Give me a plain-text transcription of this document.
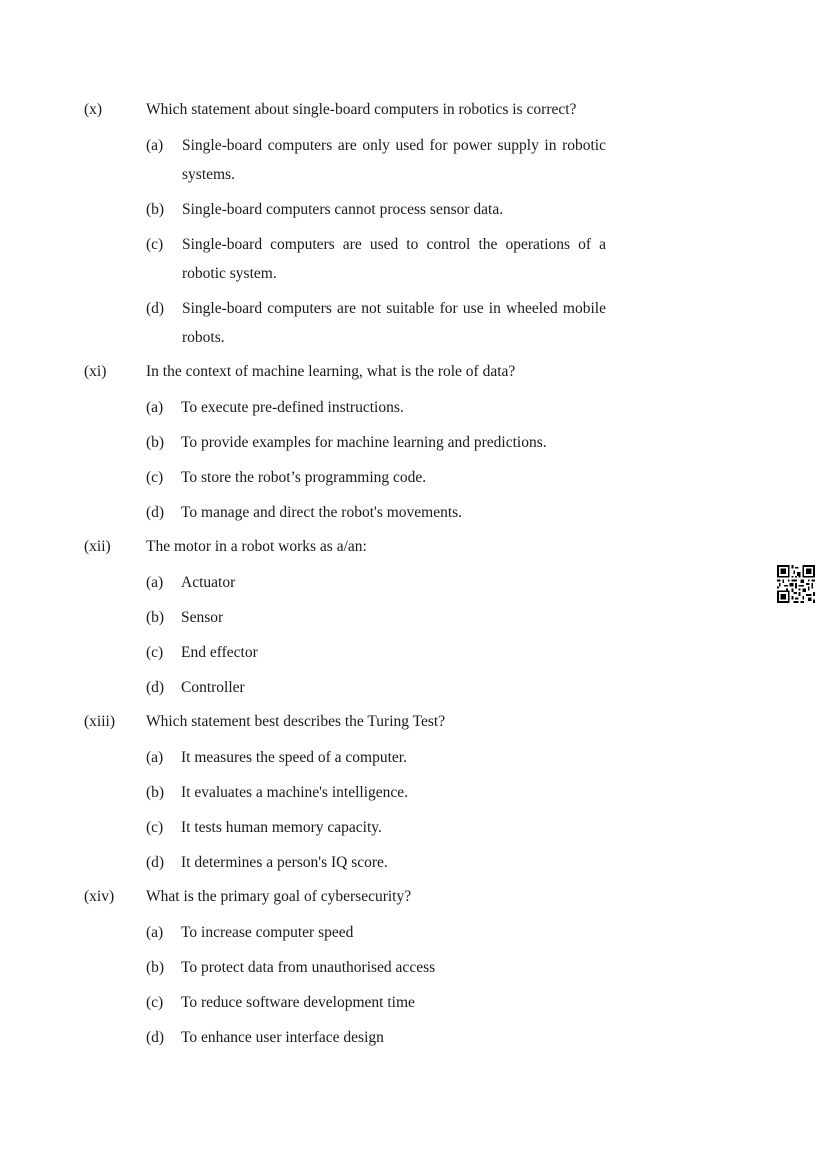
(x)	Which statement about single-board computers in robotics is correct?
(a) Single-board computers are only used for power supply in robotic systems.
(b) Single-board computers cannot process sensor data.
(c) Single-board computers are used to control the operations of a robotic system.
(d) Single-board computers are not suitable for use in wheeled mobile robots.
(xi)	In the context of machine learning, what is the role of data?
(a) To execute pre-defined instructions.
(b) To provide examples for machine learning and predictions.
(c) To store the robot’s programming code.
(d) To manage and direct the robot's movements.
(xii) The motor in a robot works as a/an:
(a) Actuator
(b) Sensor
(c) End effector
(d) Controller
(xiii) Which statement best describes the Turing Test?
(a) It measures the speed of a computer.
(b) It evaluates a machine's intelligence.
(c) It tests human memory capacity.
(d) It determines a person's IQ score.
(xiv) What is the primary goal of cybersecurity?
(a) To increase computer speed
(b) To protect data from unauthorised access
(c) To reduce software development time
(d) To enhance user interface design
